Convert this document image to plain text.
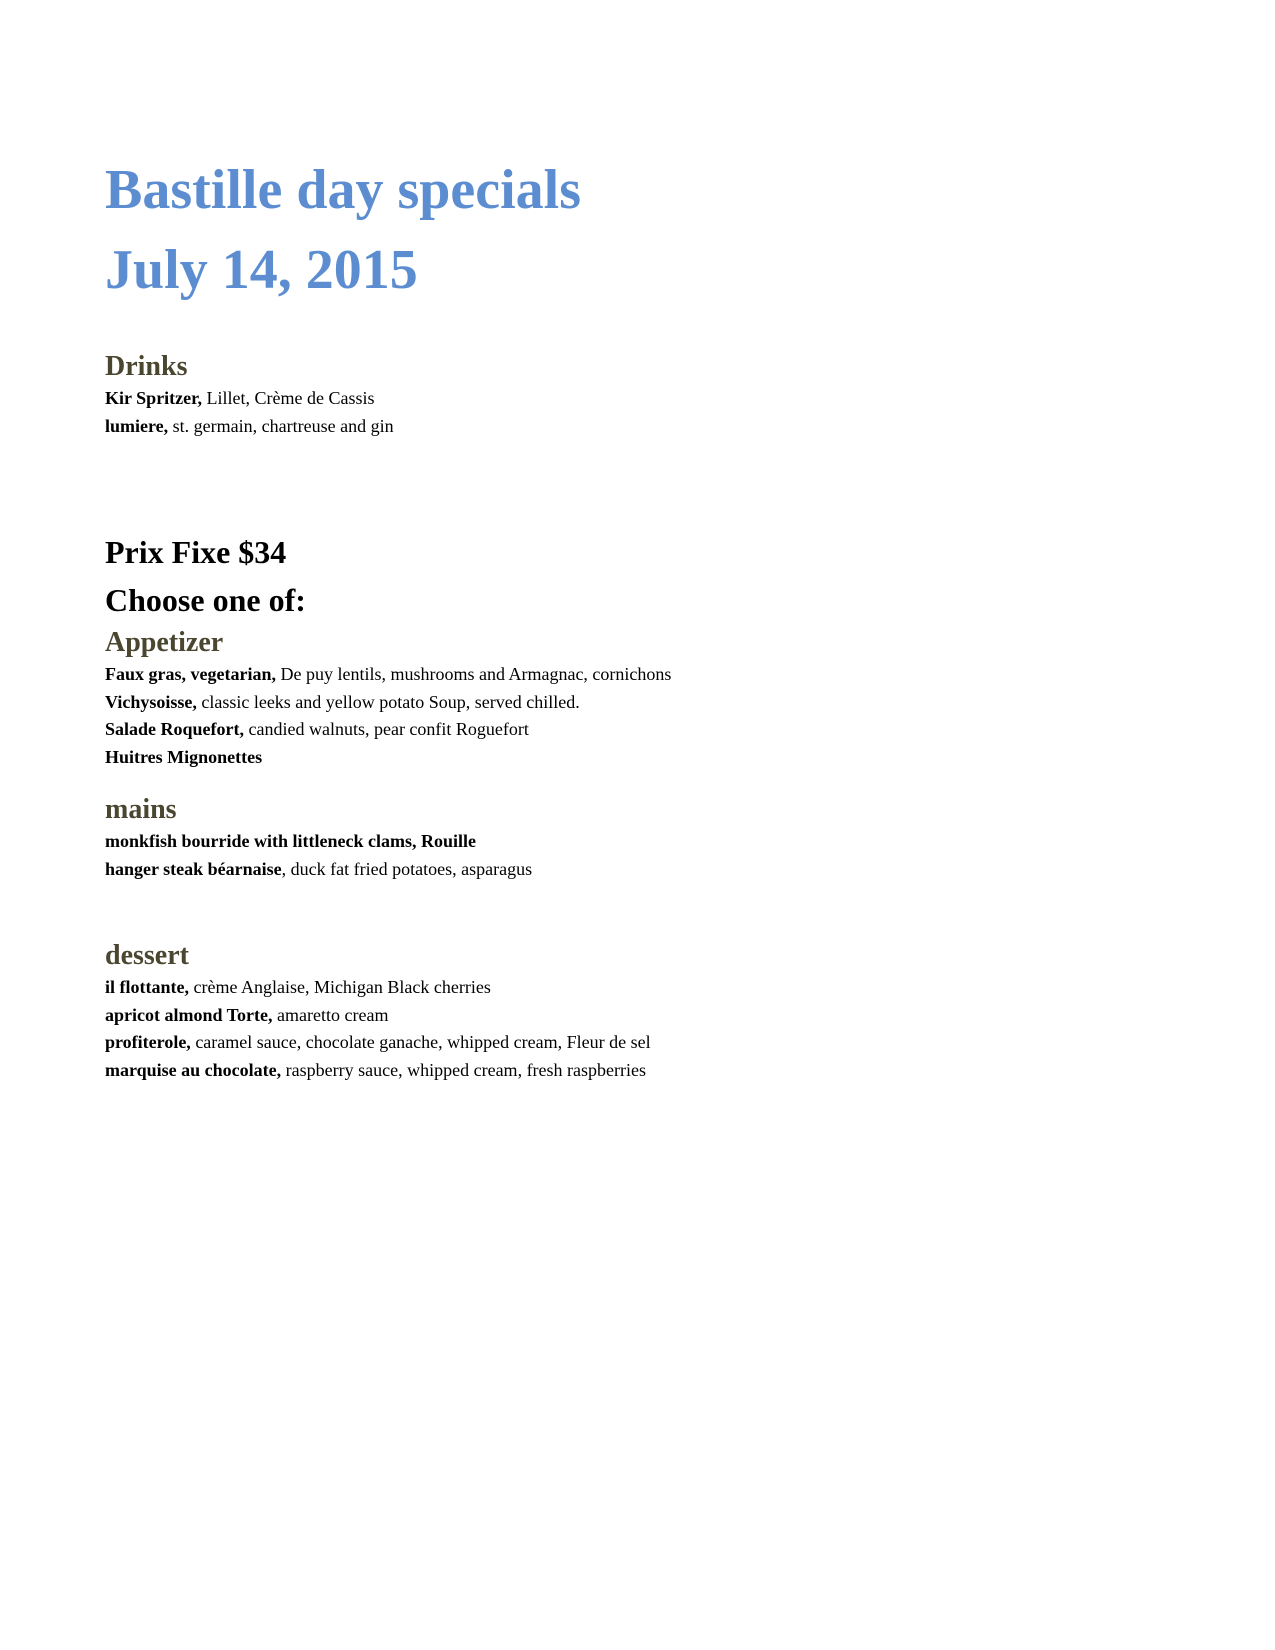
Bastille day specials
July 14, 2015
Drinks

Kir Spritzer, Lillet, Crème de Cassis

lumiere, st. germain, chartreuse and gin

Prix Fixe $34
Choose one of:
Appetizer

Faux gras, vegetarian, De puy lentils, mushrooms and Armagnac, cornichons

Vichysoisse, classic leeks and yellow potato Soup, served chilled.

Salade Roquefort, candied walnuts, pear confit Roguefort

Huitres Mignonettes

mains

monkfish bourride with littleneck clams, Rouille

hanger steak béarnaise, duck fat fried potatoes, asparagus

dessert

il flottante, crème Anglaise, Michigan Black cherries

apricot almond Torte, amaretto cream

profiterole, caramel sauce, chocolate ganache, whipped cream, Fleur de sel

marquise au chocolate, raspberry sauce, whipped cream, fresh raspberries
